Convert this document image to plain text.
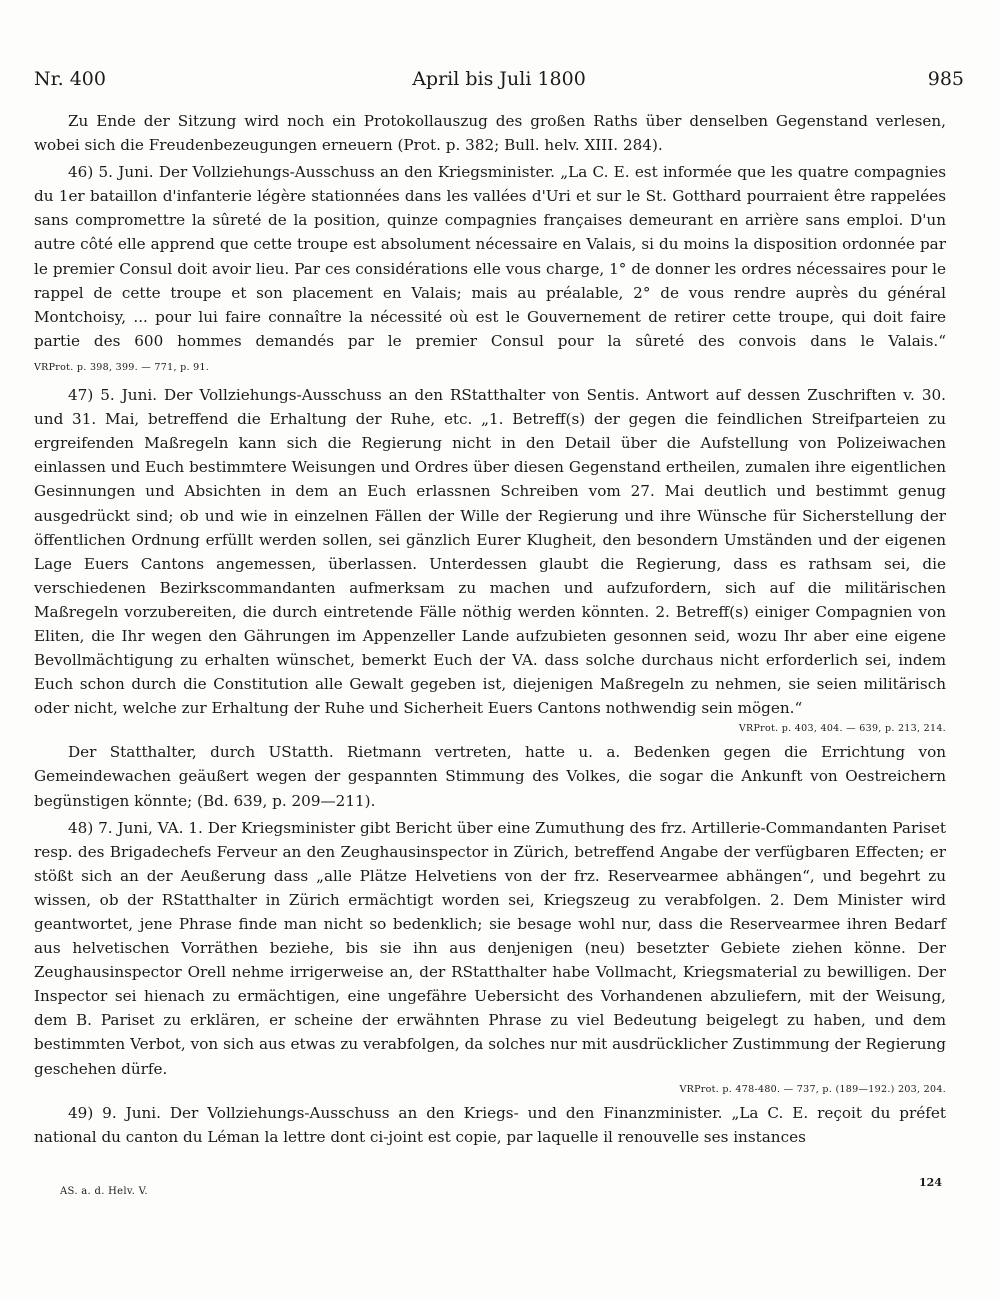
Nr. 400	April bis Juli 1800	985

Zu Ende der Sitzung wird noch ein Protokollauszug des großen Raths über denselben Gegenstand verlesen, wobei sich die Freudenbezeugungen erneuern (Prot. p. 382; Bull. helv. XIII. 284).

46) 5. Juni. Der Vollziehungs-Ausschuss an den Kriegsminister. „La C. E. est informée que les quatre compagnies du 1er bataillon d'infanterie légère stationnées dans les vallées d'Uri et sur le St. Gotthard pourraient être rappelées sans compromettre la sûreté de la position, quinze compagnies françaises demeurant en arrière sans emploi. D'un autre côté elle apprend que cette troupe est absolument nécessaire en Valais, si du moins la disposition ordonnée par le premier Consul doit avoir lieu. Par ces considérations elle vous charge, 1° de donner les ordres nécessaires pour le rappel de cette troupe et son placement en Valais; mais au préalable, 2° de vous rendre auprès du général Montchoisy, ... pour lui faire connaître la nécessité où est le Gouvernement de retirer cette troupe, qui doit faire partie des 600 hommes demandés par le premier Consul pour la sûreté des convois dans le Valais.“ VRProt. p. 398, 399. — 771, p. 91.

47) 5. Juni. Der Vollziehungs-Ausschuss an den RStatthalter von Sentis. Antwort auf dessen Zuschriften v. 30. und 31. Mai, betreffend die Erhaltung der Ruhe, etc. „1. Betreff(s) der gegen die feindlichen Streifparteien zu ergreifenden Maßregeln kann sich die Regierung nicht in den Detail über die Aufstellung von Polizeiwachen einlassen und Euch bestimmtere Weisungen und Ordres über diesen Gegenstand ertheilen, zumalen ihre eigentlichen Gesinnungen und Absichten in dem an Euch erlassnen Schreiben vom 27. Mai deutlich und bestimmt genug ausgedrückt sind; ob und wie in einzelnen Fällen der Wille der Regierung und ihre Wünsche für Sicherstellung der öffentlichen Ordnung erfüllt werden sollen, sei gänzlich Eurer Klugheit, den besondern Umständen und der eigenen Lage Euers Cantons angemessen, überlassen. Unterdessen glaubt die Regierung, dass es rathsam sei, die verschiedenen Bezirkscommandanten aufmerksam zu machen und aufzufordern, sich auf die militärischen Maßregeln vorzubereiten, die durch eintretende Fälle nöthig werden könnten. 2. Betreff(s) einiger Compagnien von Eliten, die Ihr wegen den Gährungen im Appenzeller Lande aufzubieten gesonnen seid, wozu Ihr aber eine eigene Bevollmächtigung zu erhalten wünschet, bemerkt Euch der VA. dass solche durchaus nicht erforderlich sei, indem Euch schon durch die Constitution alle Gewalt gegeben ist, diejenigen Maßregeln zu nehmen, sie seien militärisch oder nicht, welche zur Erhaltung der Ruhe und Sicherheit Euers Cantons nothwendig sein mögen.“

VRProt. p. 403, 404. — 639, p. 213, 214.

Der Statthalter, durch UStatth. Rietmann vertreten, hatte u. a. Bedenken gegen die Errichtung von Gemeindewachen geäußert wegen der gespannten Stimmung des Volkes, die sogar die Ankunft von Oestreichern begünstigen könnte; (Bd. 639, p. 209—211).

48) 7. Juni, VA. 1. Der Kriegsminister gibt Bericht über eine Zumuthung des frz. Artillerie-Commandanten Pariset resp. des Brigadechefs Ferveur an den Zeughausinspector in Zürich, betreffend Angabe der verfügbaren Effecten; er stößt sich an der Aeußerung dass „alle Plätze Helvetiens von der frz. Reservearmee abhängen“, und begehrt zu wissen, ob der RStatthalter in Zürich ermächtigt worden sei, Kriegszeug zu verabfolgen. 2. Dem Minister wird geantwortet, jene Phrase finde man nicht so bedenklich; sie besage wohl nur, dass die Reservearmee ihren Bedarf aus helvetischen Vorräthen beziehe, bis sie ihn aus denjenigen (neu) besetzter Gebiete ziehen könne. Der Zeughausinspector Orell nehme irrigerweise an, der RStatthalter habe Vollmacht, Kriegsmaterial zu bewilligen. Der Inspector sei hienach zu ermächtigen, eine ungefähre Uebersicht des Vorhandenen abzuliefern, mit der Weisung, dem B. Pariset zu erklären, er scheine der erwähnten Phrase zu viel Bedeutung beigelegt zu haben, und dem bestimmten Verbot, von sich aus etwas zu verabfolgen, da solches nur mit ausdrücklicher Zustimmung der Regierung geschehen dürfe.

VRProt. p. 478-480. — 737, p. (189—192.) 203, 204.

49) 9. Juni. Der Vollziehungs-Ausschuss an den Kriegs- und den Finanzminister. „La C. E. reçoit du préfet national du canton du Léman la lettre dont ci-joint est copie, par laquelle il renouvelle ses instances

AS. a. d. Helv. V.
124
